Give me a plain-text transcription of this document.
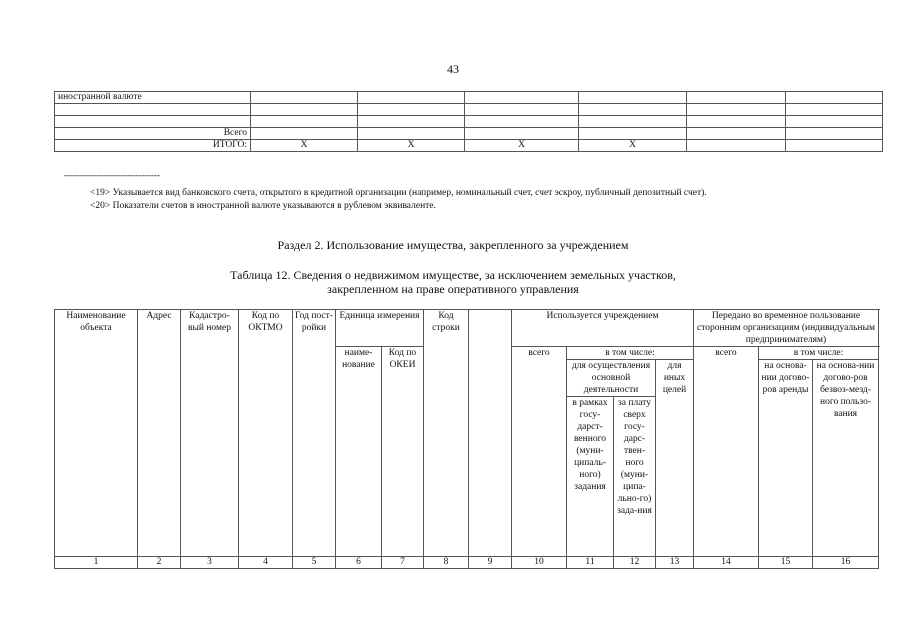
43
иностранной валюте						

Всего						
ИТОГО:	X	X	X	X		
--------------------------------
<19> Указывается вид банковского счета, открытого в кредитной организации (например, номинальный счет, счет эскроу, публичный депозитный счет).
<20> Показатели счетов в иностранной валюте указываются в рублевом эквиваленте.
Раздел 2. Использование имущества, закрепленного за учреждением
Таблица 12. Сведения о недвижимом имуществе, за исключением земельных участков,
закрепленном на праве оперативного управления
Наименование объекта	Адрес	Кадастро-вый номер	Код по ОКТМО	Год пост-ройки	Единица измерения		Код строки		Используется учреждением				Передано во временное пользование сторонним организациям (индивидуальным предпринимателям)			
					наиме-нование	Код по ОКЕИ			всего	в том числе:			всего	в том числе:		
										для осуществления основной деятельности		для иных целей		на основа-нии догово-ров аренды	на основа-нии догово-ров безвоз-мезд-ного пользо-вания	
										в рамках госу-дарст-венного (муни-ципаль-ного) задания	за плату сверх госу-дарс-твен-ного (муни-ципа-льно-го) зада-ния					
1	2	3	4	5	6	7	8	9	10	11	12	13	14	15	16	
